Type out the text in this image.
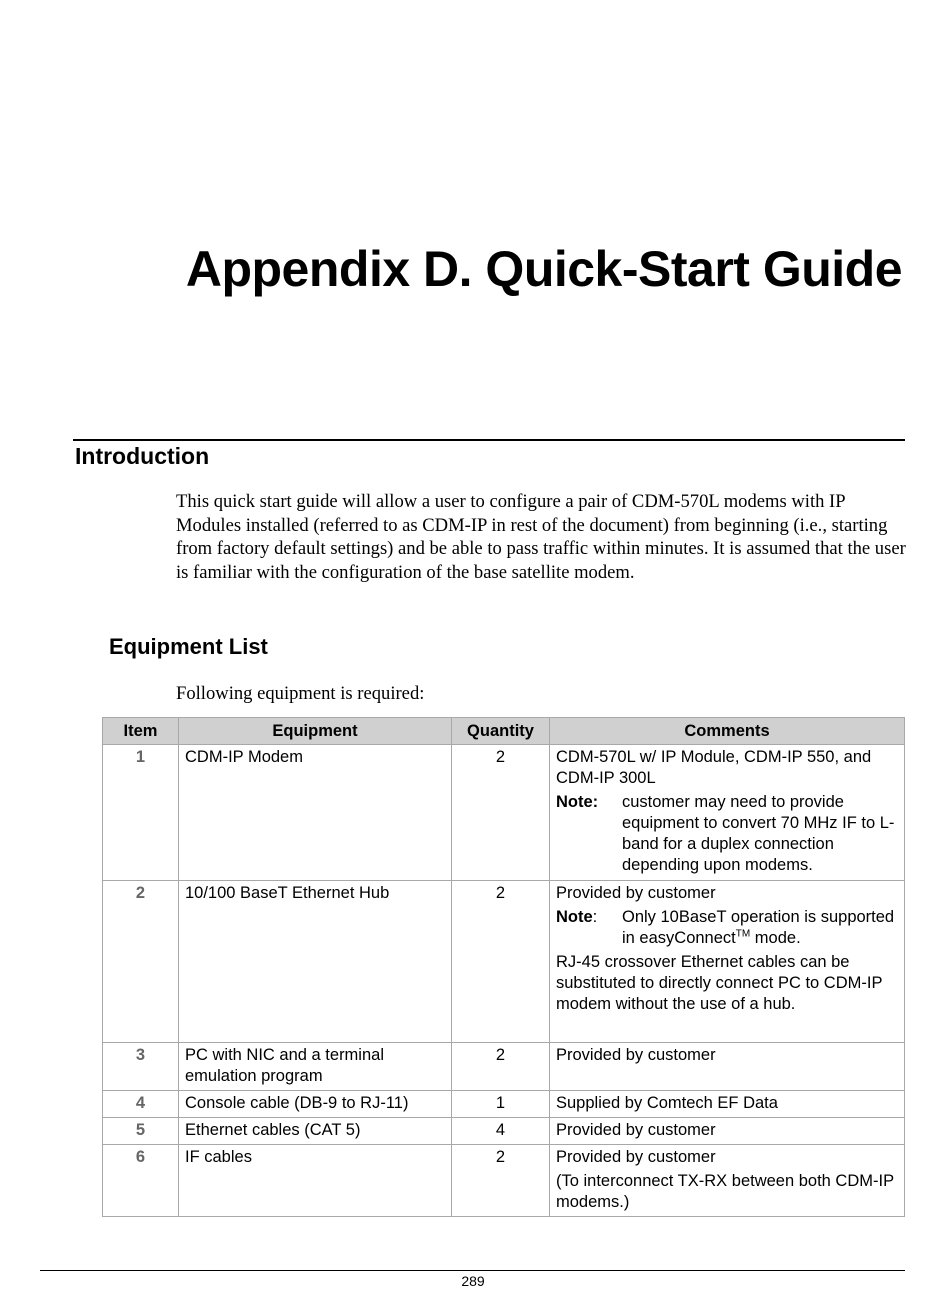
Appendix D. Quick-Start Guide
Introduction
This quick start guide will allow a user to configure a pair of CDM-570L modems with IP Modules installed (referred to as CDM-IP in rest of the document) from beginning (i.e., starting from factory default settings) and be able to pass traffic within minutes. It is assumed that the user is familiar with the configuration of the base satellite modem.
Equipment List
Following equipment is required:
Item	Equipment	Quantity	Comments
1	CDM-IP Modem	2	CDM-570L w/ IP Module, CDM-IP 550, and CDM-IP 300L
Note: customer may need to provide equipment to convert 70 MHz IF to L-band for a duplex connection depending upon modems.

2	10/100 BaseT Ethernet Hub	2	Provided by customer
Note: Only 10BaseT operation is supported in easyConnect™ mode.
RJ-45 crossover Ethernet cables can be substituted to directly connect PC to CDM-IP modem without the use of a hub.

3	PC with NIC and a terminal emulation program	2	Provided by customer

4	Console cable (DB-9 to RJ-11)	1	Supplied by Comtech EF Data

5	Ethernet cables (CAT 5)	4	Provided by customer

6	IF cables	2	Provided by customer
(To interconnect TX-RX between both CDM-IP modems.)
289
